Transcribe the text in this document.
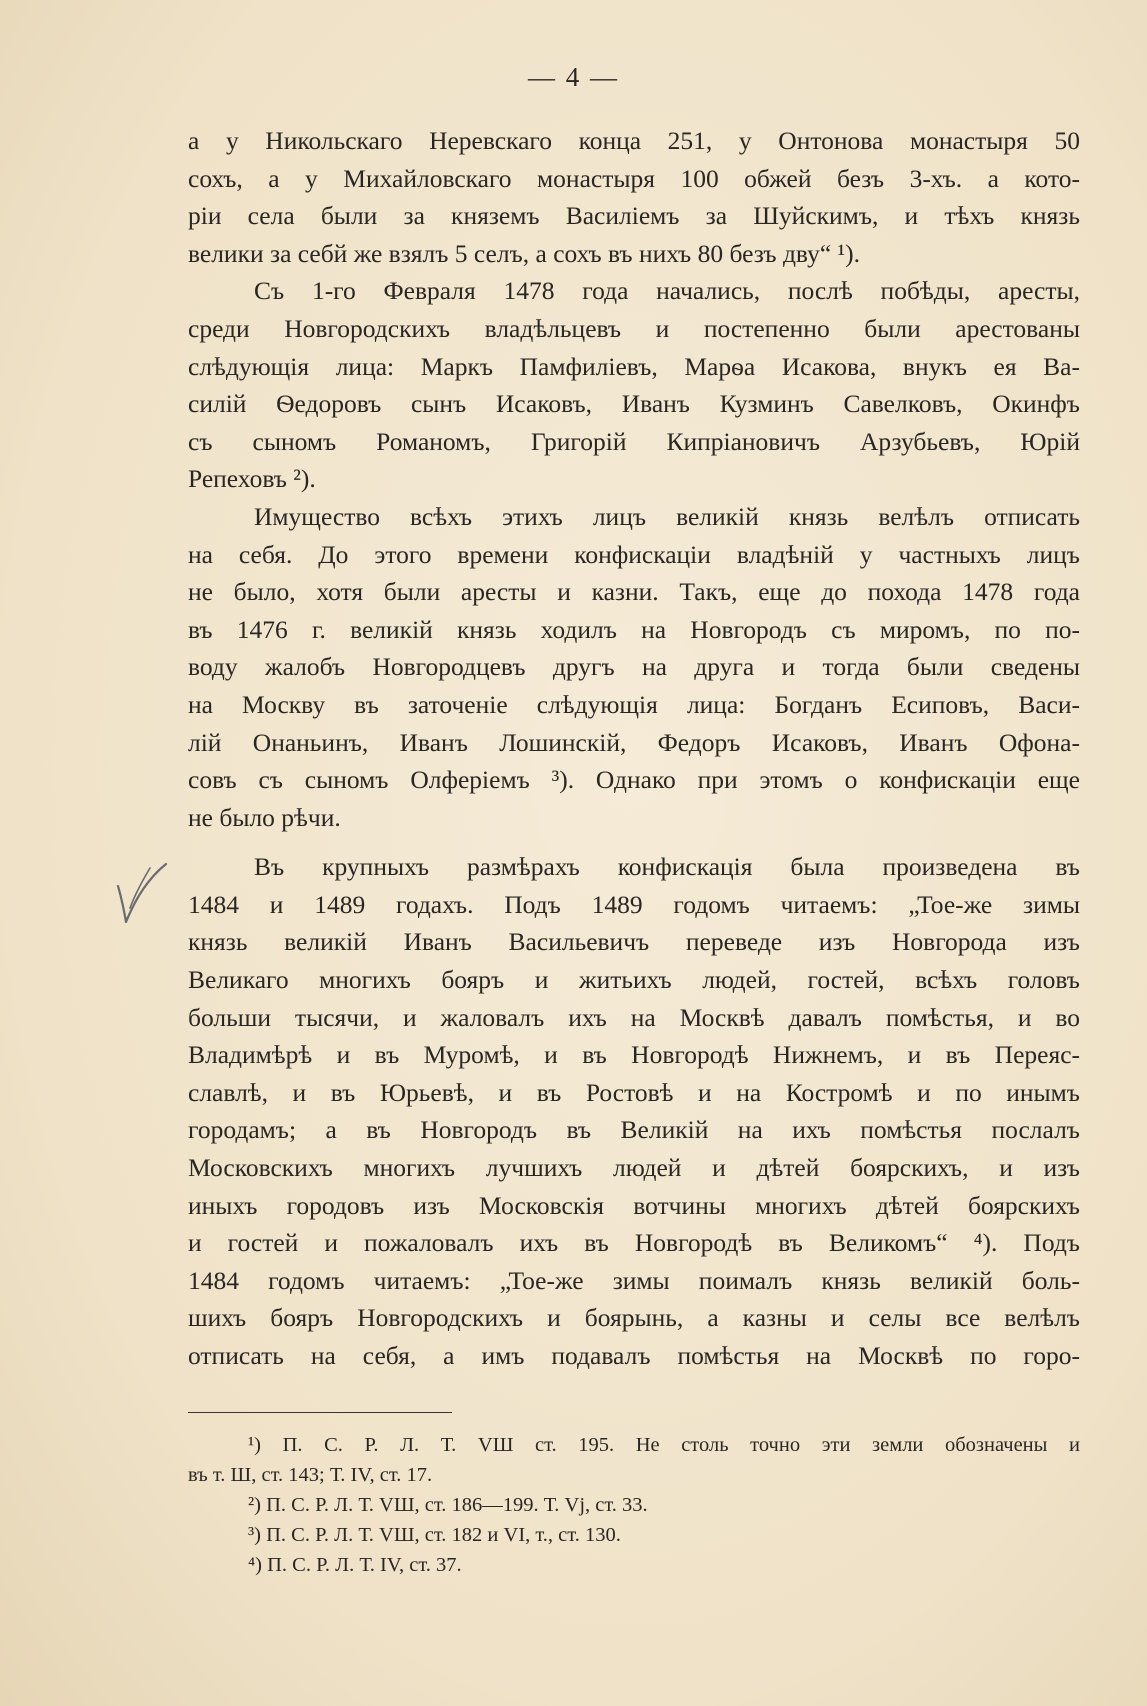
— 4 —
а у Никольскаго Неревскаго конца 251, у Онтонова монастыря 50
сохъ, а у Михайловскаго монастыря 100 обжей безъ 3-хъ. а кото-
ріи села были за княземъ Василіемъ за Шуйскимъ, и тѣхъ князь
велики за себй же взялъ 5 селъ, а сохъ въ нихъ 80 безъ дву“ ¹).
Съ 1-го Февраля 1478 года начались, послѣ побѣды, аресты,
среди Новгородскихъ владѣльцевъ и постепенно были арестованы
слѣдующія лица: Маркъ Памфиліевъ, Марѳа Исакова, внукъ ея Ва-
силій Ѳедоровъ сынъ Исаковъ, Иванъ Кузминъ Савелковъ, Окинфъ
съ сыномъ Романомъ, Григорій Кипріановичъ Арзубьевъ, Юрій
Репеховъ ²).
Имущество всѣхъ этихъ лицъ великій князь велѣлъ отписать
на себя. До этого времени конфискаціи владѣній у частныхъ лицъ
не было, хотя были аресты и казни. Такъ, еще до похода 1478 года
въ 1476 г. великій князь ходилъ на Новгородъ съ миромъ, по по-
воду жалобъ Новгородцевъ другъ на друга и тогда были сведены
на Москву въ заточеніе слѣдующія лица: Богданъ Есиповъ, Васи-
лій Онаньинъ, Иванъ Лошинскій, Федоръ Исаковъ, Иванъ Офона-
совъ съ сыномъ Олферіемъ ³). Однако при этомъ о конфискаціи еще
не было рѣчи.
Въ крупныхъ размѣрахъ конфискація была произведена въ
1484 и 1489 годахъ. Подъ 1489 годомъ читаемъ: „Тое-же зимы
князь великій Иванъ Васильевичъ переведе изъ Новгорода изъ
Великаго многихъ бояръ и житьихъ людей, гостей, всѣхъ головъ
больши тысячи, и жаловалъ ихъ на Москвѣ давалъ помѣстья, и во
Владимѣрѣ и въ Муромѣ, и въ Новгородѣ Нижнемъ, и въ Переяс-
славлѣ, и въ Юрьевѣ, и въ Ростовѣ и на Костромѣ и по инымъ
городамъ; а въ Новгородъ въ Великій на ихъ помѣстья послалъ
Московскихъ многихъ лучшихъ людей и дѣтей боярскихъ, и изъ
иныхъ городовъ изъ Московскія вотчины многихъ дѣтей боярскихъ
и гостей и пожаловалъ ихъ въ Новгородѣ въ Великомъ“ ⁴). Подъ
1484 годомъ читаемъ: „Тое-же зимы поималъ князь великій боль-
шихъ бояръ Новгородскихъ и боярынь, а казны и селы все велѣлъ
отписать на себя, а имъ подавалъ помѣстья на Москвѣ по горо-
¹) П. С. Р. Л. Т. VШ ст. 195. Не столь точно эти земли обозначены и
въ т. Ш, ст. 143; Т. IV, ст. 17.
²) П. С. Р. Л. Т. VШ, ст. 186—199. Т. Vj, ст. 33.
³) П. С. Р. Л. Т. VШ, ст. 182 и VI, т., ст. 130.
⁴) П. С. Р. Л. Т. IV, ст. 37.
